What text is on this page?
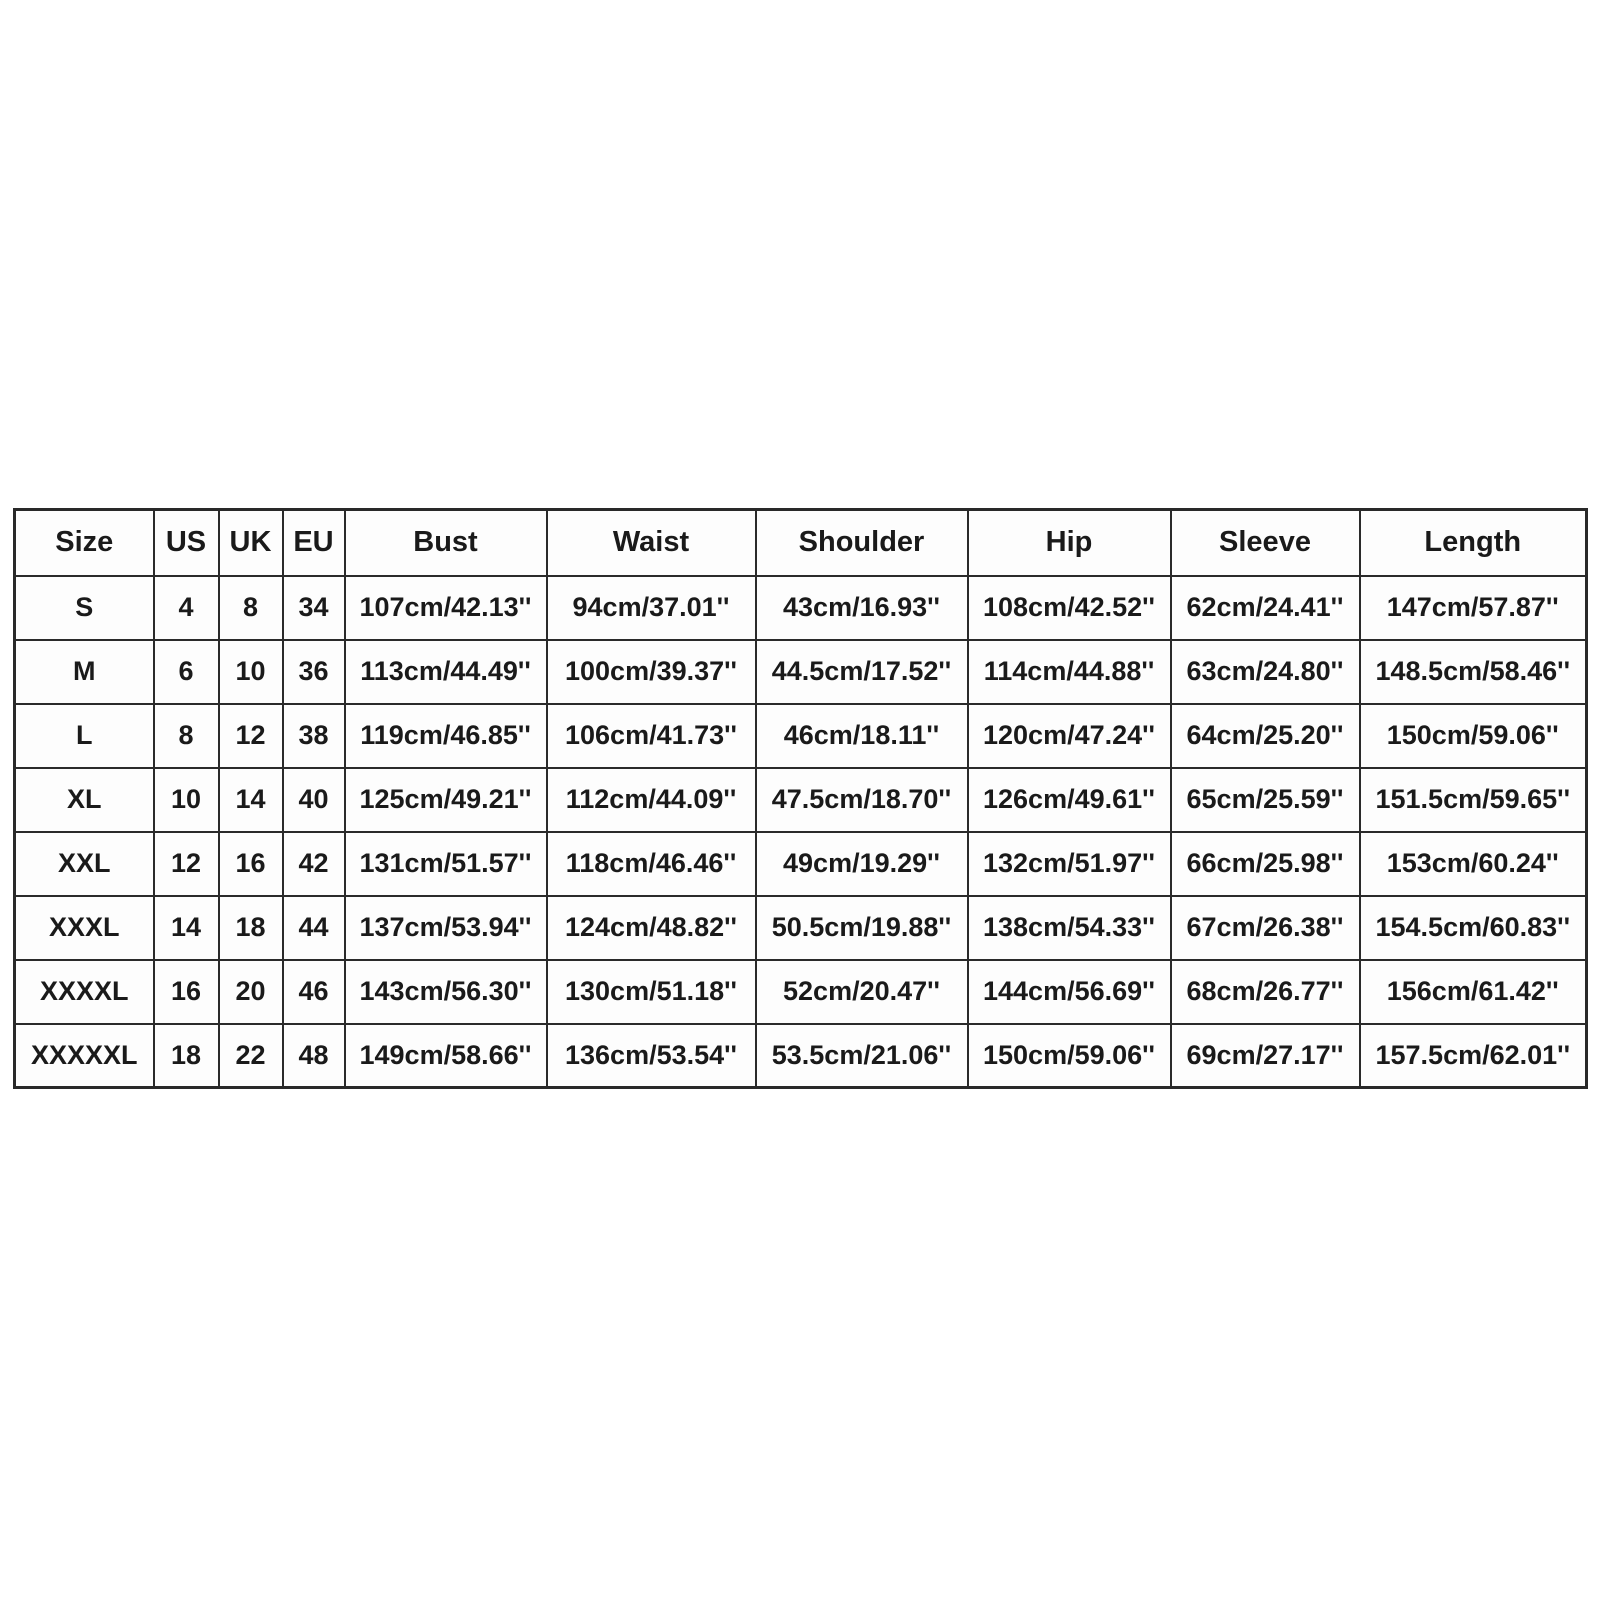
Size	US	UK	EU	Bust	Waist	Shoulder	Hip	Sleeve	Length
S	4	8	34	107cm/42.13''	94cm/37.01''	43cm/16.93''	108cm/42.52''	62cm/24.41''	147cm/57.87''
M	6	10	36	113cm/44.49''	100cm/39.37''	44.5cm/17.52''	114cm/44.88''	63cm/24.80''	148.5cm/58.46''
L	8	12	38	119cm/46.85''	106cm/41.73''	46cm/18.11''	120cm/47.24''	64cm/25.20''	150cm/59.06''
XL	10	14	40	125cm/49.21''	112cm/44.09''	47.5cm/18.70''	126cm/49.61''	65cm/25.59''	151.5cm/59.65''
XXL	12	16	42	131cm/51.57''	118cm/46.46''	49cm/19.29''	132cm/51.97''	66cm/25.98''	153cm/60.24''
XXXL	14	18	44	137cm/53.94''	124cm/48.82''	50.5cm/19.88''	138cm/54.33''	67cm/26.38''	154.5cm/60.83''
XXXXL	16	20	46	143cm/56.30''	130cm/51.18''	52cm/20.47''	144cm/56.69''	68cm/26.77''	156cm/61.42''
XXXXXL	18	22	48	149cm/58.66''	136cm/53.54''	53.5cm/21.06''	150cm/59.06''	69cm/27.17''	157.5cm/62.01''
